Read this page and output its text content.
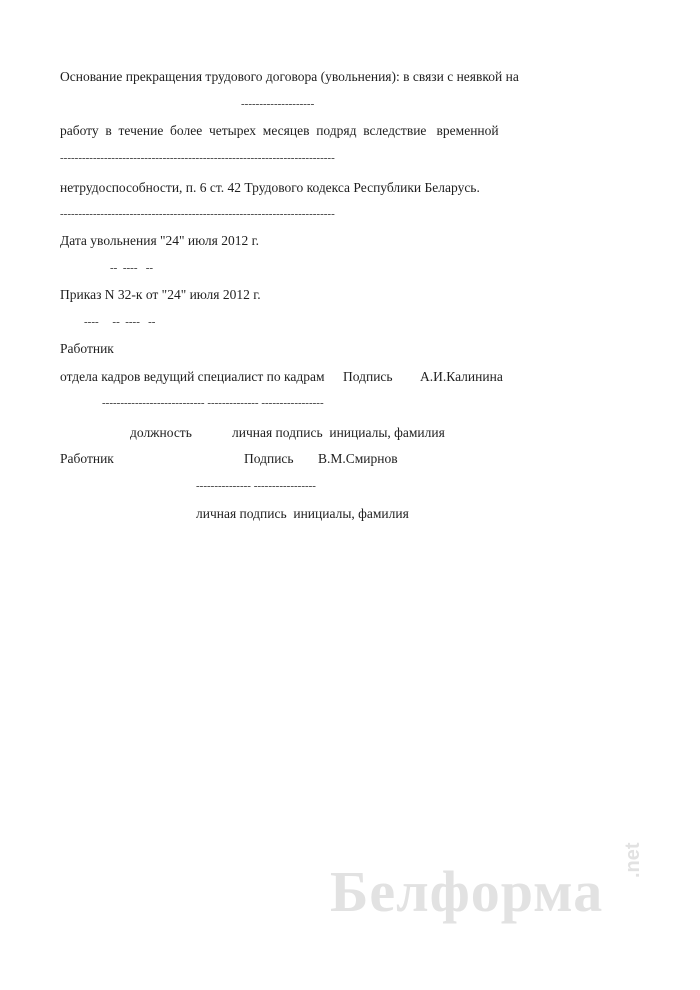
Основание прекращения трудового договора (увольнения): в связи с неявкой на
--------------------
работу  в  течение  более  четырех  месяцев  подряд  вследствие   временной
---------------------------------------------------------------------------
нетрудоспособности, п. 6 ст. 42 Трудового кодекса Республики Беларусь.
---------------------------------------------------------------------------
Дата увольнения "24" июля 2012 г.
--  ----   --
Приказ N 32-к от "24" июля 2012 г.
----     --  ----   --
Работник
отдела кадров ведущий специалист по кадрам Подпись А.И.Калинина
---------------------------- -------------- -----------------
должность	личная подпись  инициалы, фамилия
Работник	Подпись В.М.Смирнов
--------------- -----------------
личная подпись  инициалы, фамилия
Белформа .net
